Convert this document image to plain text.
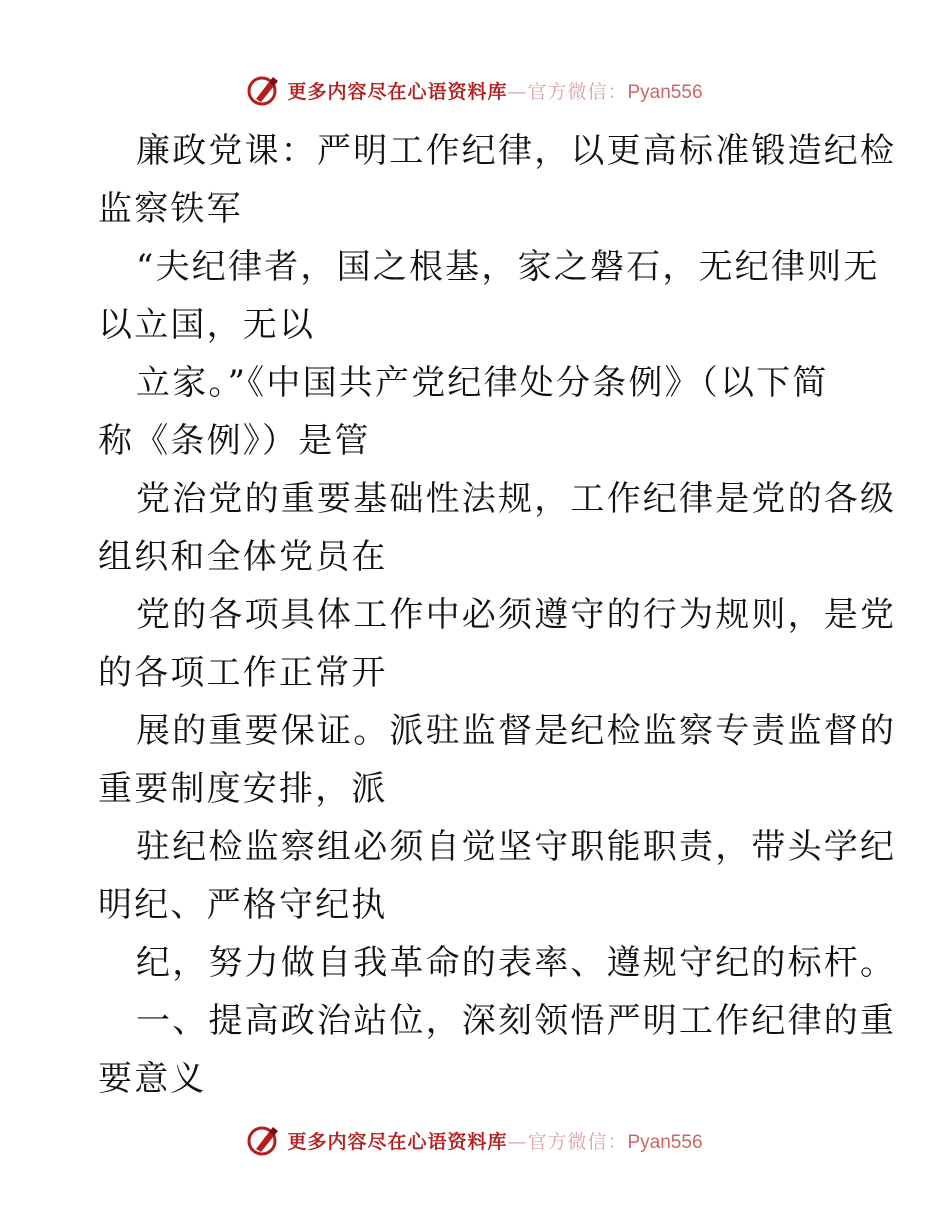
更多内容尽在心语资料库—官方微信：Pyan556
廉政党课：严明工作纪律，以更高标准锻造纪检
监察铁军
“夫纪律者，国之根基，家之磐石，无纪律则无
以立国，无以
立家。”《中国共产党纪律处分条例》（以下简
称《条例》）是管
党治党的重要基础性法规，工作纪律是党的各级
组织和全体党员在
党的各项具体工作中必须遵守的行为规则，是党
的各项工作正常开
展的重要保证。派驻监督是纪检监察专责监督的
重要制度安排，派
驻纪检监察组必须自觉坚守职能职责，带头学纪
明纪、严格守纪执
纪，努力做自我革命的表率、遵规守纪的标杆。
一、提高政治站位，深刻领悟严明工作纪律的重
要意义
更多内容尽在心语资料库—官方微信：Pyan556
